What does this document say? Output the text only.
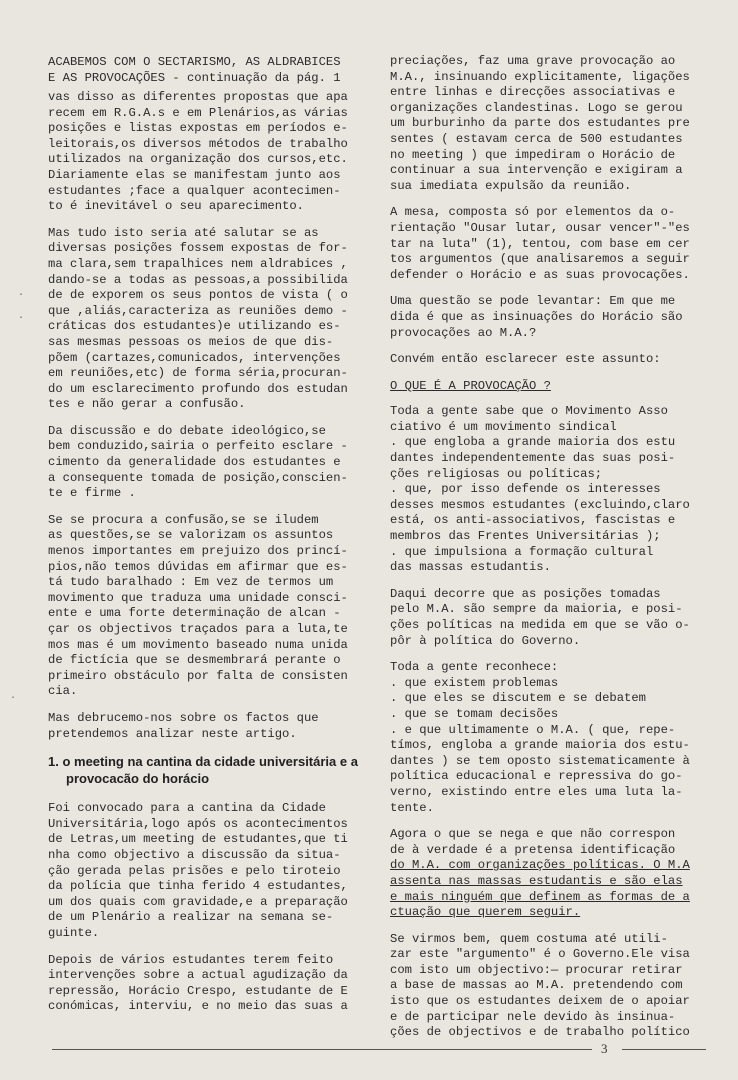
ACABEMOS COM O SECTARISMO, AS ALDRABICES
E AS PROVOCAÇÕES - continuação da pág. 1
vas disso as diferentes propostas que apa
recem em R.G.A.s e em Plenários,as várias
posições e listas expostas em períodos e-
leitorais,os diversos métodos de trabalho
utilizados na organização dos cursos,etc.
Diariamente elas se manifestam junto aos
estudantes ;face a qualquer acontecimen-
to é inevitável o seu aparecimento.
Mas tudo isto seria até salutar se as
diversas posições fossem expostas de for-
ma clara,sem trapalhices nem aldrabices ,
dando-se a todas as pessoas,a possibilida
de de exporem os seus pontos de vista ( o
que ,aliás,caracteriza as reuniões demo -
cráticas dos estudantes)e utilizando es-
sas mesmas pessoas os meios de que dis-
põem (cartazes,comunicados, intervenções
em reuniões,etc) de forma séria,procuran-
do um esclarecimento profundo dos estudan
tes e não gerar a confusão.
Da discussão e do debate ideológico,se
bem conduzido,sairia o perfeito esclare -
cimento da generalidade dos estudantes e
a consequente tomada de posição,conscien-
te e firme .
Se se procura a confusão,se se iludem
as questões,se se valorizam os assuntos
menos importantes em prejuizo dos princí-
pios,não temos dúvidas em afirmar que es-
tá tudo baralhado : Em vez de termos um
movimento que traduza uma unidade consci-
ente e uma forte determinação de alcan -
çar os objectivos traçados para a luta,te
mos mas é um movimento baseado numa unida
de fictícia que se desmembrará perante o
primeiro obstáculo por falta de consisten
cia.
Mas debrucemo-nos sobre os factos que
pretendemos analizar neste artigo.
1. o meeting na cantina da cidade universitária e a
provocacão do horácio
Foi convocado para a cantina da Cidade
Universitária,logo após os acontecimentos
de Letras,um meeting de estudantes,que ti
nha como objectivo a discussão da situa-
ção gerada pelas prisões e pelo tiroteio
da polícia que tinha ferido 4 estudantes,
um dos quais com gravidade,e a preparação
de um Plenário a realizar na semana se-
guinte.
Depois de vários estudantes terem feito
intervenções sobre a actual agudização da
repressão, Horácio Crespo, estudante de E
conómicas, interviu, e no meio das suas a
preciações, faz uma grave provocação ao
M.A., insinuando explicitamente, ligações
entre linhas e direcções associativas e
organizações clandestinas. Logo se gerou
um burburinho da parte dos estudantes pre
sentes ( estavam cerca de 500 estudantes
no meeting ) que impediram o Horácio de
continuar a sua intervenção e exigiram a
sua imediata expulsão da reunião.
A mesa, composta só por elementos da o-
rientação "Ousar lutar, ousar vencer"-"es
tar na luta" (1), tentou, com base em cer
tos argumentos (que analisaremos a seguir
defender o Horácio e as suas provocações.
Uma questão se pode levantar: Em que me
dida é que as insinuações do Horácio são
provocações ao M.A.?
Convém então esclarecer este assunto:
O QUE É A PROVOCAÇÃO ?
Toda a gente sabe que o Movimento Asso
ciativo é um movimento sindical
. que engloba a grande maioria dos estu
dantes independentemente das suas posi-
ções religiosas ou políticas;
. que, por isso defende os interesses
desses mesmos estudantes (excluindo,claro
está, os anti-associativos, fascistas e
membros das Frentes Universitárias );
. que impulsiona a formação cultural
das massas estudantis.
Daqui decorre que as posições tomadas
pelo M.A. são sempre da maioria, e posi-
ções políticas na medida em que se vão o-
pôr à política do Governo.
Toda a gente reconhece:
. que existem problemas
. que eles se discutem e se debatem
. que se tomam decisões
. e que ultimamente o M.A. ( que, repe-
tímos, engloba a grande maioria dos estu-
dantes ) se tem oposto sistematicamente à
política educacional e repressiva do go-
verno, existindo entre eles uma luta la-
tente.
Agora o que se nega e que não correspon
de à verdade é a pretensa identificação
do M.A. com organizações políticas. O M.A
assenta nas massas estudantis e são elas
e mais ninguém que definem as formas de a
ctuação que querem seguir.
Se virmos bem, quem costuma até utili-
zar este "argumento" é o Governo.Ele visa
com isto um objectivo:— procurar retirar
a base de massas ao M.A. pretendendo com
isto que os estudantes deixem de o apoiar
e de participar nele devido às insinua-
ções de objectivos e de trabalho político
3
·
·
·
